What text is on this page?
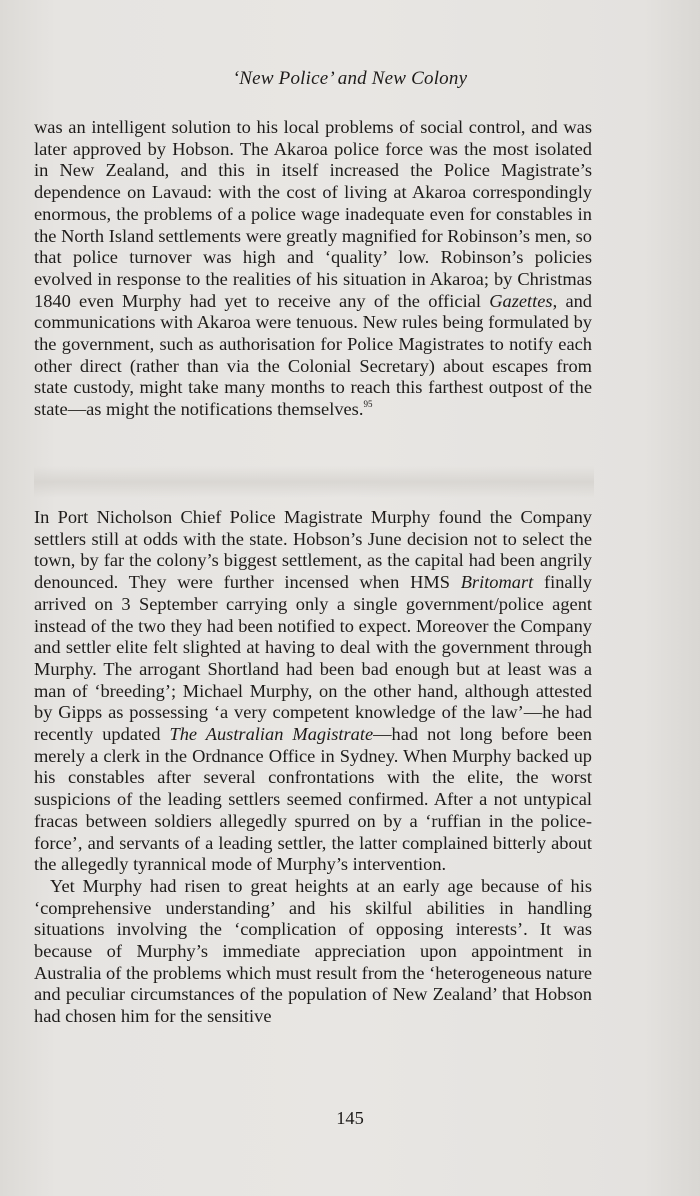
‘New Police’ and New Colony

was an intelligent solution to his local problems of social control, and was later approved by Hobson. The Akaroa police force was the most isolated in New Zealand, and this in itself increased the Police Magistrate’s dependence on Lavaud: with the cost of living at Akaroa correspondingly enormous, the problems of a police wage inadequate even for constables in the North Island settlements were greatly magnified for Robinson’s men, so that police turnover was high and ‘quality’ low. Robinson’s policies evolved in response to the realities of his situation in Akaroa; by Christmas 1840 even Murphy had yet to receive any of the official Gazettes, and communications with Akaroa were tenuous. New rules being formulated by the government, such as authorisation for Police Magistrates to notify each other direct (rather than via the Colonial Secretary) about escapes from state custody, might take many months to reach this farthest outpost of the state—as might the notifications themselves.$^{95}$

In Port Nicholson Chief Police Magistrate Murphy found the Company settlers still at odds with the state. Hobson’s June decision not to select the town, by far the colony’s biggest settlement, as the capital had been angrily denounced. They were further incensed when HMS Britomart finally arrived on 3 September carrying only a single government/police agent instead of the two they had been notified to expect. Moreover the Company and settler elite felt slighted at having to deal with the government through Murphy. The arrogant Shortland had been bad enough but at least was a man of ‘breeding’; Michael Murphy, on the other hand, although attested by Gipps as possessing ‘a very competent knowledge of the law’—he had recently updated The Australian Magistrate—had not long before been merely a clerk in the Ordnance Office in Sydney. When Murphy backed up his constables after several confrontations with the elite, the worst suspicions of the leading settlers seemed confirmed. After a not untypical fracas between soldiers allegedly spurred on by a ‘ruffian in the police-force’, and servants of a leading settler, the latter complained bitterly about the allegedly tyrannical mode of Murphy’s intervention.

Yet Murphy had risen to great heights at an early age because of his ‘comprehensive understanding’ and his skilful abilities in handling situations involving the ‘complication of opposing interests’. It was because of Murphy’s immediate appreciation upon appointment in Australia of the problems which must result from the ‘heterogeneous nature and peculiar circumstances of the population of New Zealand’ that Hobson had chosen him for the sensitive

145
